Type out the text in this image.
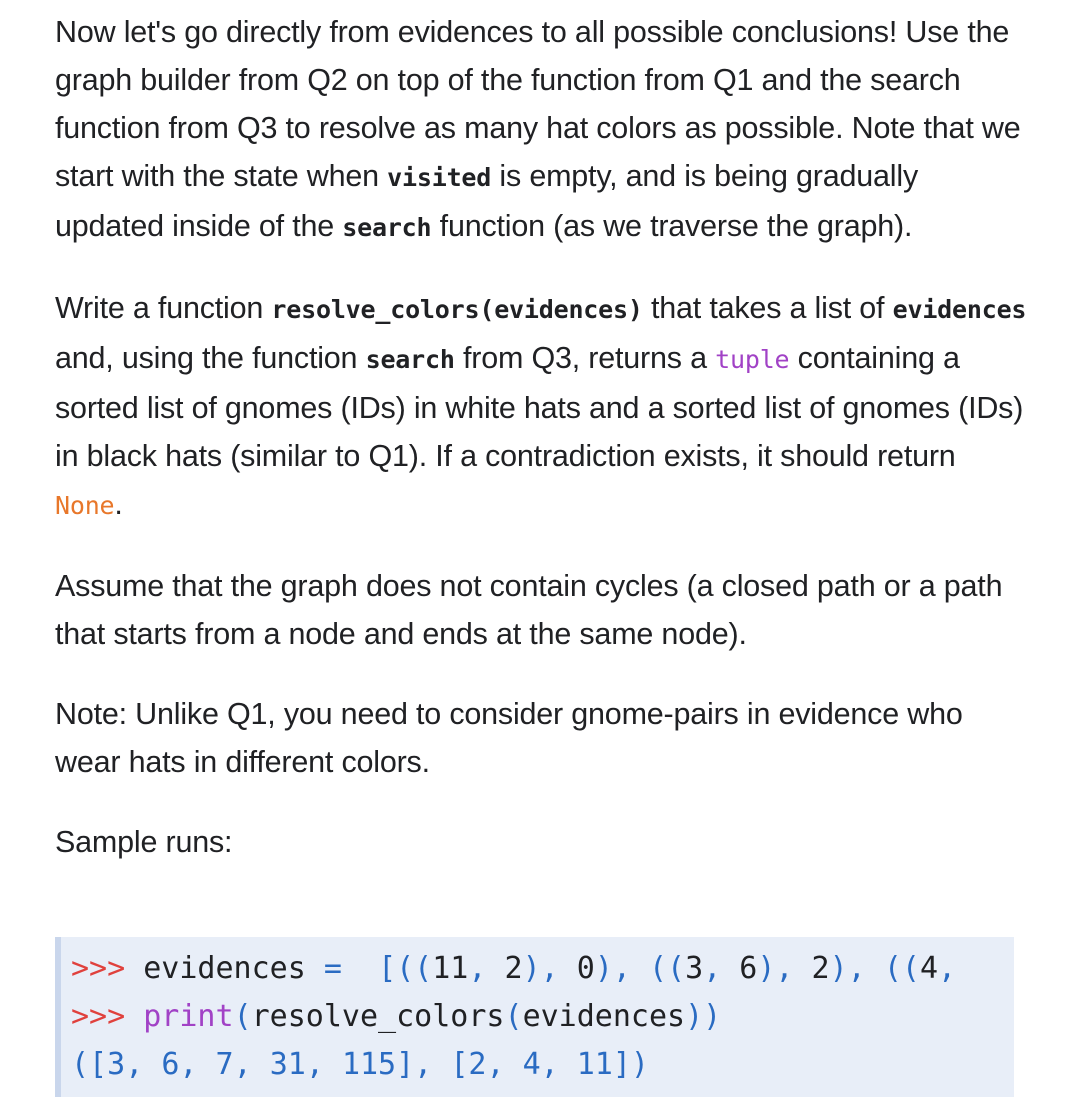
Now let's go directly from evidences to all possible conclusions! Use the graph builder from Q2 on top of the function from Q1 and the search function from Q3 to resolve as many hat colors as possible. Note that we start with the state when visited is empty, and is being gradually updated inside of the search function (as we traverse the graph).

Write a function resolve_colors(evidences) that takes a list of evidences and, using the function search from Q3, returns a tuple containing a sorted list of gnomes (IDs) in white hats and a sorted list of gnomes (IDs) in black hats (similar to Q1). If a contradiction exists, it should return None.

Assume that the graph does not contain cycles (a closed path or a path that starts from a node and ends at the same node).

Note: Unlike Q1, you need to consider gnome-pairs in evidence who wear hats in different colors.

Sample runs:

>>> evidences = [((11, 2), 0), ((3, 6), 2), ((4,
>>> print(resolve_colors(evidences))
([3, 6, 7, 31, 115], [2, 4, 11])
